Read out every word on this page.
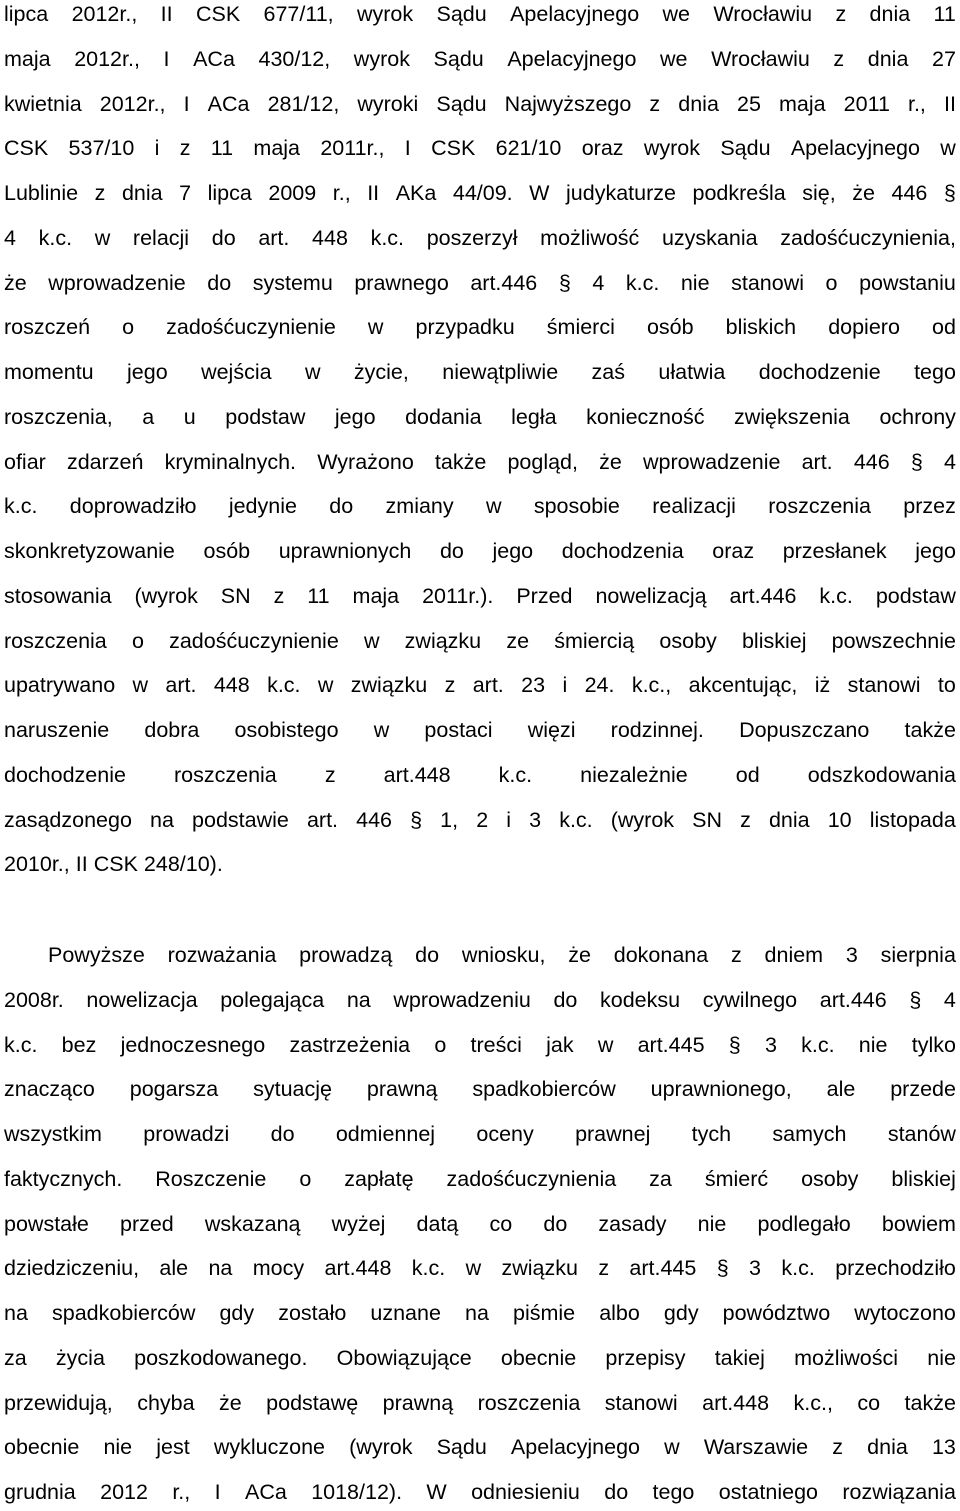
lipca 2012r., II CSK 677/11, wyrok Sądu Apelacyjnego we Wrocławiu z dnia 11
maja 2012r., I ACa 430/12, wyrok Sądu Apelacyjnego we Wrocławiu z dnia 27
kwietnia 2012r., I ACa 281/12, wyroki Sądu Najwyższego z dnia 25 maja 2011 r., II
CSK 537/10 i z 11 maja 2011r., I CSK 621/10 oraz wyrok Sądu Apelacyjnego w
Lublinie z dnia 7 lipca 2009 r., II AKa 44/09. W judykaturze podkreśla się, że 446 §
4 k.c. w relacji do art. 448 k.c. poszerzył możliwość uzyskania zadośćuczynienia,
że wprowadzenie do systemu prawnego art.446 § 4 k.c. nie stanowi o powstaniu
roszczeń o zadośćuczynienie w przypadku śmierci osób bliskich dopiero od
momentu jego wejścia w życie, niewątpliwie zaś ułatwia dochodzenie tego
roszczenia, a u podstaw jego dodania legła konieczność zwiększenia ochrony
ofiar zdarzeń kryminalnych. Wyrażono także pogląd, że wprowadzenie art. 446 § 4
k.c. doprowadziło jedynie do zmiany w sposobie realizacji roszczenia przez
skonkretyzowanie osób uprawnionych do jego dochodzenia oraz przesłanek jego
stosowania (wyrok SN z 11 maja 2011r.). Przed nowelizacją art.446 k.c. podstaw
roszczenia o zadośćuczynienie w związku ze śmiercią osoby bliskiej powszechnie
upatrywano w art. 448 k.c. w związku z art. 23 i 24. k.c., akcentując, iż stanowi to
naruszenie dobra osobistego w postaci więzi rodzinnej. Dopuszczano także
dochodzenie roszczenia z art.448 k.c. niezależnie od odszkodowania
zasądzonego na podstawie art. 446 § 1, 2 i 3 k.c. (wyrok SN z dnia 10 listopada
2010r., II CSK 248/10).
Powyższe rozważania prowadzą do wniosku, że dokonana z dniem 3 sierpnia
2008r. nowelizacja polegająca na wprowadzeniu do kodeksu cywilnego art.446 § 4
k.c. bez jednoczesnego zastrzeżenia o treści jak w art.445 § 3 k.c. nie tylko
znacząco pogarsza sytuację prawną spadkobierców uprawnionego, ale przede
wszystkim prowadzi do odmiennej oceny prawnej tych samych stanów
faktycznych. Roszczenie o zapłatę zadośćuczynienia za śmierć osoby bliskiej
powstałe przed wskazaną wyżej datą co do zasady nie podlegało bowiem
dziedziczeniu, ale na mocy art.448 k.c. w związku z art.445 § 3 k.c. przechodziło
na spadkobierców gdy zostało uznane na piśmie albo gdy powództwo wytoczono
za życia poszkodowanego. Obowiązujące obecnie przepisy takiej możliwości nie
przewidują, chyba że podstawę prawną roszczenia stanowi art.448 k.c., co także
obecnie nie jest wykluczone (wyrok Sądu Apelacyjnego w Warszawie z dnia 13
grudnia 2012 r., I ACa 1018/12). W odniesieniu do tego ostatniego rozwiązania
